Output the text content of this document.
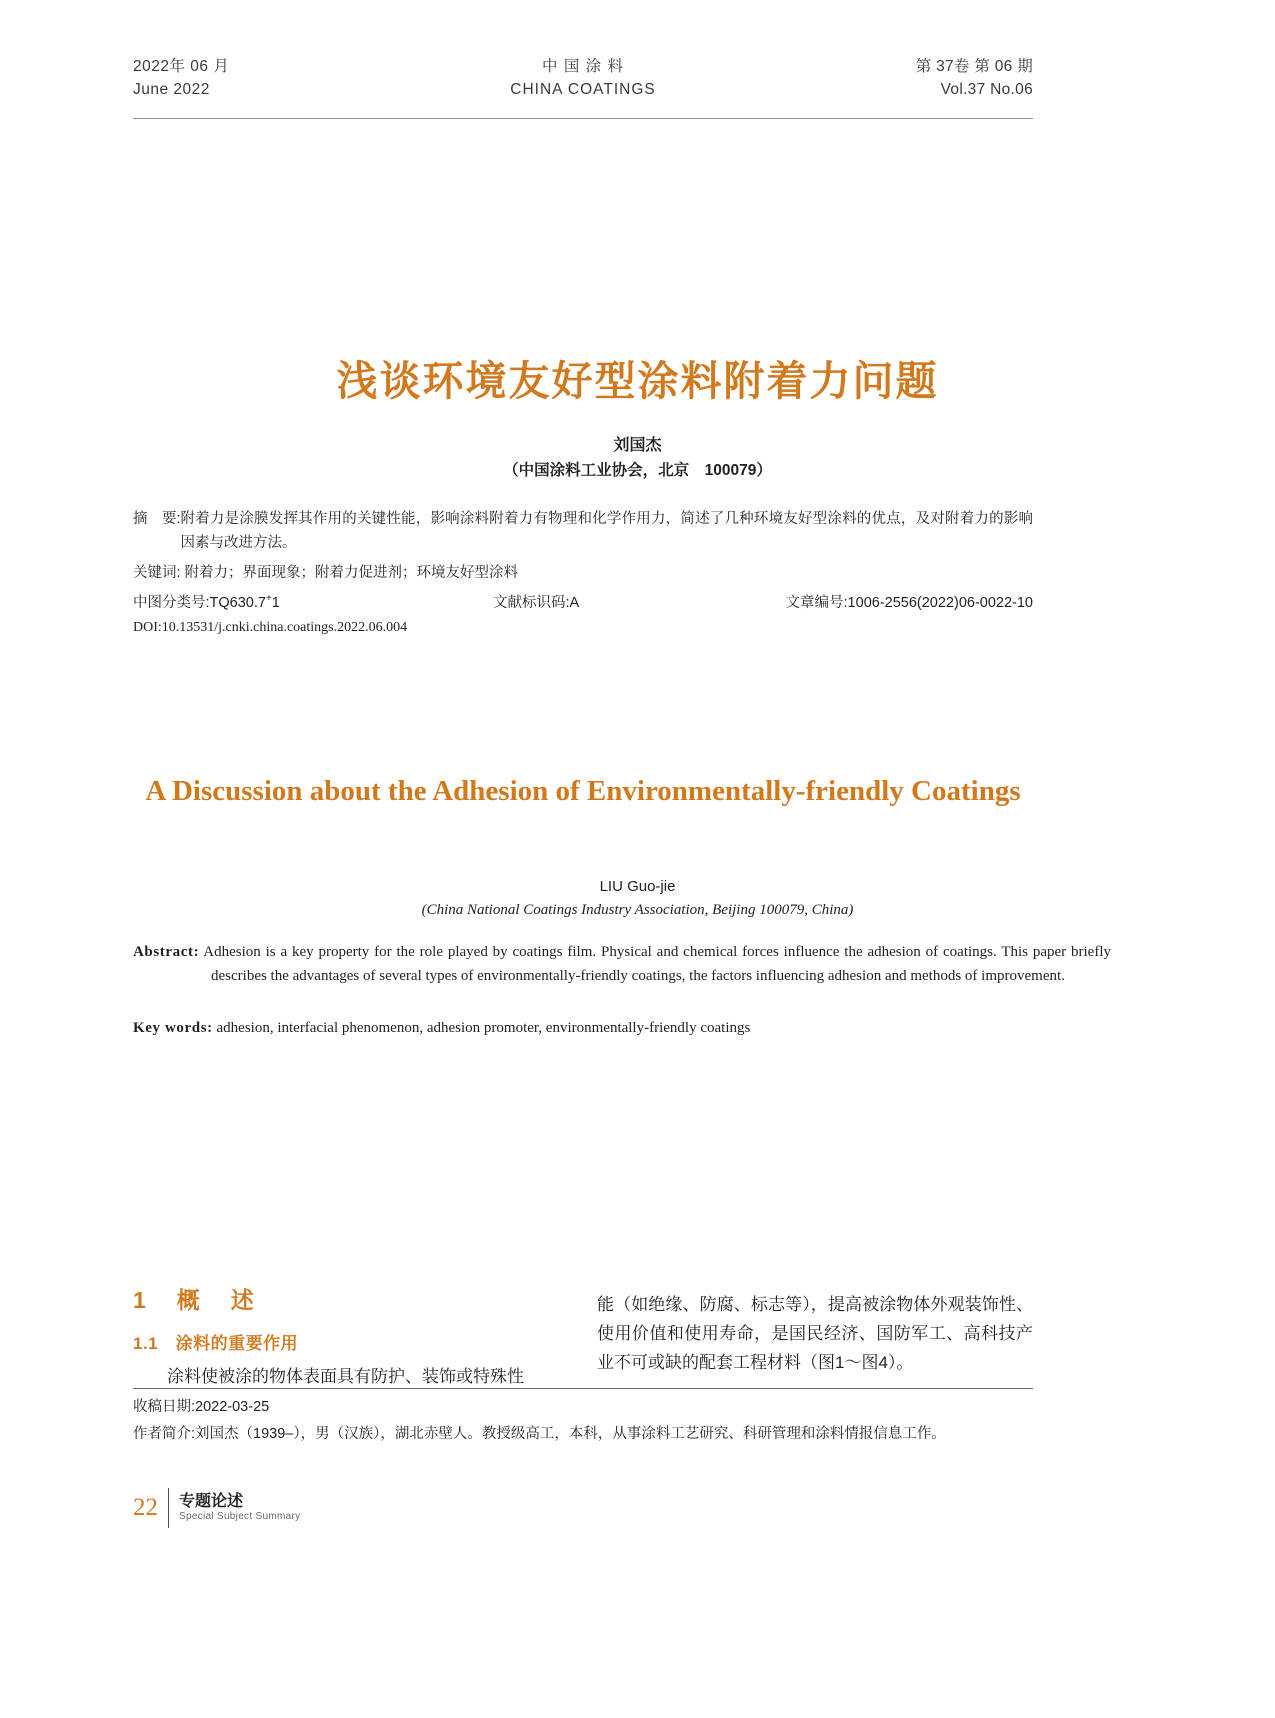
2022年 06 月	中 国 涂 料	第 37卷 第 06 期
June 2022	CHINA COATINGS	Vol.37 No.06
浅谈环境友好型涂料附着力问题
刘国杰
（中国涂料工业协会，北京　100079）
摘　要: 附着力是涂膜发挥其作用的关键性能，影响涂料附着力有物理和化学作用力，简述了几种环境友好型涂料的优点，及对附着力的影响因素与改进方法。
关键词: 附着力；界面现象；附着力促进剂；环境友好型涂料
中图分类号:TQ630.7+1	文献标识码:A	文章编号:1006-2556(2022)06-0022-10
DOI:10.13531/j.cnki.china.coatings.2022.06.004
A Discussion about the Adhesion of Environmentally-friendly Coatings
LIU Guo-jie
(China National Coatings Industry Association, Beijing 100079, China)
Abstract: Adhesion is a key property for the role played by coatings film. Physical and chemical forces influence the adhesion of coatings. This paper briefly describes the advantages of several types of environmentally-friendly coatings, the factors influencing adhesion and methods of improvement.
Key words: adhesion, interfacial phenomenon, adhesion promoter, environmentally-friendly coatings
1　概　述
1.1　涂料的重要作用

涂料使被涂的物体表面具有防护、装饰或特殊性

能（如绝缘、防腐、标志等），提高被涂物体外观装饰性、使用价值和使用寿命，是国民经济、国防军工、高科技产业不可或缺的配套工程材料（图1～图4）。

收稿日期:2022-03-25
作者简介:刘国杰（1939–），男（汉族），湖北赤壁人。教授级高工，本科，从事涂料工艺研究、科研管理和涂料情报信息工作。
22	专题论述
Special Subject Summary
